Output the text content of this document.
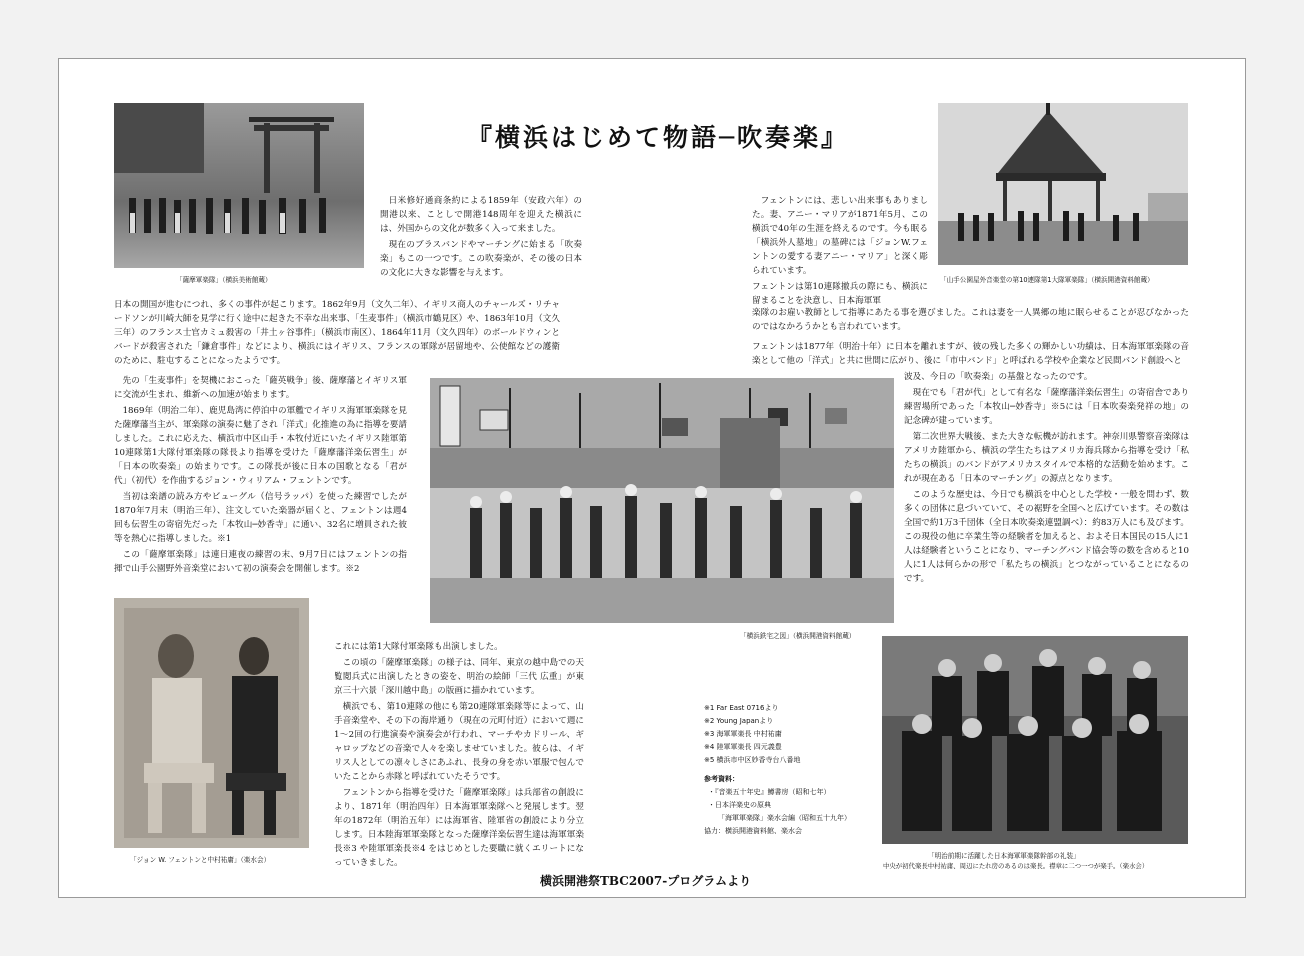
「薩摩軍楽隊」（横浜美術館蔵）
『横浜はじめて物語─吹奏楽』
「山手公園屋外音楽堂の第10連隊第1大隊軍楽隊」（横浜開港資料館蔵）

日米修好通商条約による1859年（安政六年）の開港以来、ことしで開港148周年を迎えた横浜には、外国からの文化が数多く入って来ました。

現在のブラスバンドやマーチングに始まる「吹奏楽」もこの一つです。この吹奏楽が、その後の日本の文化に大きな影響を与えます。

フェントンには、悲しい出来事もありました。妻、アニー・マリアが1871年5月、この横浜で40年の生涯を終えるのです。今も眠る「横浜外人墓地」の墓碑には「ジョンW.フェントンの愛する妻アニー・マリア」と深く彫られています。

フェントンは第10連隊撤兵の際にも、横浜に留まることを決意し、日本海軍軍

楽隊のお雇い教師として指導にあたる事を選びました。これは妻を一人異郷の地に眠らせることが忍びなかったのではなかろうかとも言われています。
日本の開国が進むにつれ、多くの事件が起こります。1862年9月（文久二年）、イギリス商人のチャールズ・リチャードソンが川崎大師を見学に行く途中に起きた不幸な出来事、「生麦事件」（横浜市鶴見区）や、1863年10月（文久三年）のフランス士官カミュ殺害の「井土ヶ谷事件」（横浜市南区）、1864年11月（文久四年）のボールドウィンとバードが殺害された「鎌倉事件」などにより、横浜にはイギリス、フランスの軍隊が居留地や、公使館などの護衛のために、駐屯することになったようです。

先の「生麦事件」を契機におこった「薩英戦争」後、薩摩藩とイギリス軍に交流が生まれ、維新への加速が始まります。

1869年（明治二年）、鹿児島湾に停泊中の軍艦でイギリス海軍軍楽隊を見た薩摩藩当主が、軍楽隊の演奏に魅了され「洋式」化推進の為に指導を要請しました。これに応えた、横浜市中区山手・本牧付近にいたイギリス陸軍第10連隊第1大隊付軍楽隊の隊長より指導を受けた「薩摩藩洋楽伝習生」が「日本の吹奏楽」の始まりです。この隊長が後に日本の国歌となる「君が代」（初代）を作曲するジョン・ウィリアム・フェントンです。

当初は楽譜の読み方やビューグル（信号ラッパ）を使った練習でしたが1870年7月末（明治三年）、注文していた楽器が届くと、フェントンは週4回も伝習生の寄宿先だった「本牧山─妙香寺」に通い、32名に増員された彼等を熱心に指導しました。※1

この「薩摩軍楽隊」は連日連夜の練習の末、9月7日にはフェントンの指揮で山手公園野外音楽堂において初の演奏会を開催します。※2

フェントンは1877年（明治十年）に日本を離れますが、彼の残した多くの輝かしい功績は、日本海軍軍楽隊の音楽として他の「洋式」と共に世間に広がり、後に「市中バンド」と呼ばれる学校や企業など民間バンド創設へと

波及、今日の「吹奏楽」の基盤となったのです。

現在でも「君が代」として有名な「薩摩藩洋楽伝習生」の寄宿舎であり練習場所であった「本牧山─妙香寺」※5には「日本吹奏楽発祥の地」の記念碑が建っています。

第二次世界大戦後、また大きな転機が訪れます。神奈川県警察音楽隊はアメリカ陸軍から、横浜の学生たちはアメリカ海兵隊から指導を受け「私たちの横浜」のバンドがアメリカスタイルで本格的な活動を始めます。これが現在ある「日本のマーチング」の源点となります。

このような歴史は、今日でも横浜を中心とした学校・一般を問わず、数多くの団体に息づいていて、その裾野を全国へと広げています。その数は全国で約1万3千団体（全日本吹奏楽連盟調べ）：約83万人にも及びます。この現役の他に卒業生等の経験者を加えると、およそ日本国民の15人に1人は経験者ということになり、マーチングバンド協会等の数を含めると10人に1人は何らかの形で「私たちの横浜」とつながっていることになるのです。

「横浜鉄宅之図」（横浜開港資料館蔵）
「ジョン W. フェントンと中村祐庸」（楽水会）

これには第1大隊付軍楽隊も出演しました。

この頃の「薩摩軍楽隊」の様子は、同年、東京の越中島での天覧閲兵式に出演したときの姿を、明治の絵師「三代 広重」が東京三十六景「深川越中島」の版画に描かれています。

横浜でも、第10連隊の他にも第20連隊軍楽隊等によって、山手音楽堂や、その下の海岸通り（現在の元町付近）において週に1〜2回の行進演奏や演奏会が行われ、マーチやカドリール、ギャロップなどの音楽で人々を楽しませていました。彼らは、イギリス人としての凛々しさにあふれ、長身の身を赤い軍服で包んでいたことから赤隊と呼ばれていたそうです。

フェントンから指導を受けた「薩摩軍楽隊」は兵部省の創設により、1871年（明治四年）日本海軍軍楽隊へと発展します。翌年の1872年（明治五年）には海軍省、陸軍省の創設により分立します。日本陸海軍軍楽隊となった薩摩洋楽伝習生達は海軍軍楽長※3 や陸軍軍楽長※4 をはじめとした要職に就くエリートになっていきました。

※1 Far East 0716より
※2 Young Japanより
※3 海軍軍楽長 中村祐庸
※4 陸軍軍楽長 四元義豊
※5 横浜市中区妙香寺台八番地
参考資料：
・『音楽五十年史』鱒書房（昭和七年）
・日本洋楽史の原典
「海軍軍楽隊」楽水会編（昭和五十九年）
協力：横浜開港資料館、楽水会
「明治前期に活躍した日本海軍軍楽隊幹部の礼装」
中央が初代楽長中村祐庸、周辺にたれ房のあるのは楽長。襟章に二つ一つが楽手。（楽水会）
横浜開港祭TBC2007-プログラムより
